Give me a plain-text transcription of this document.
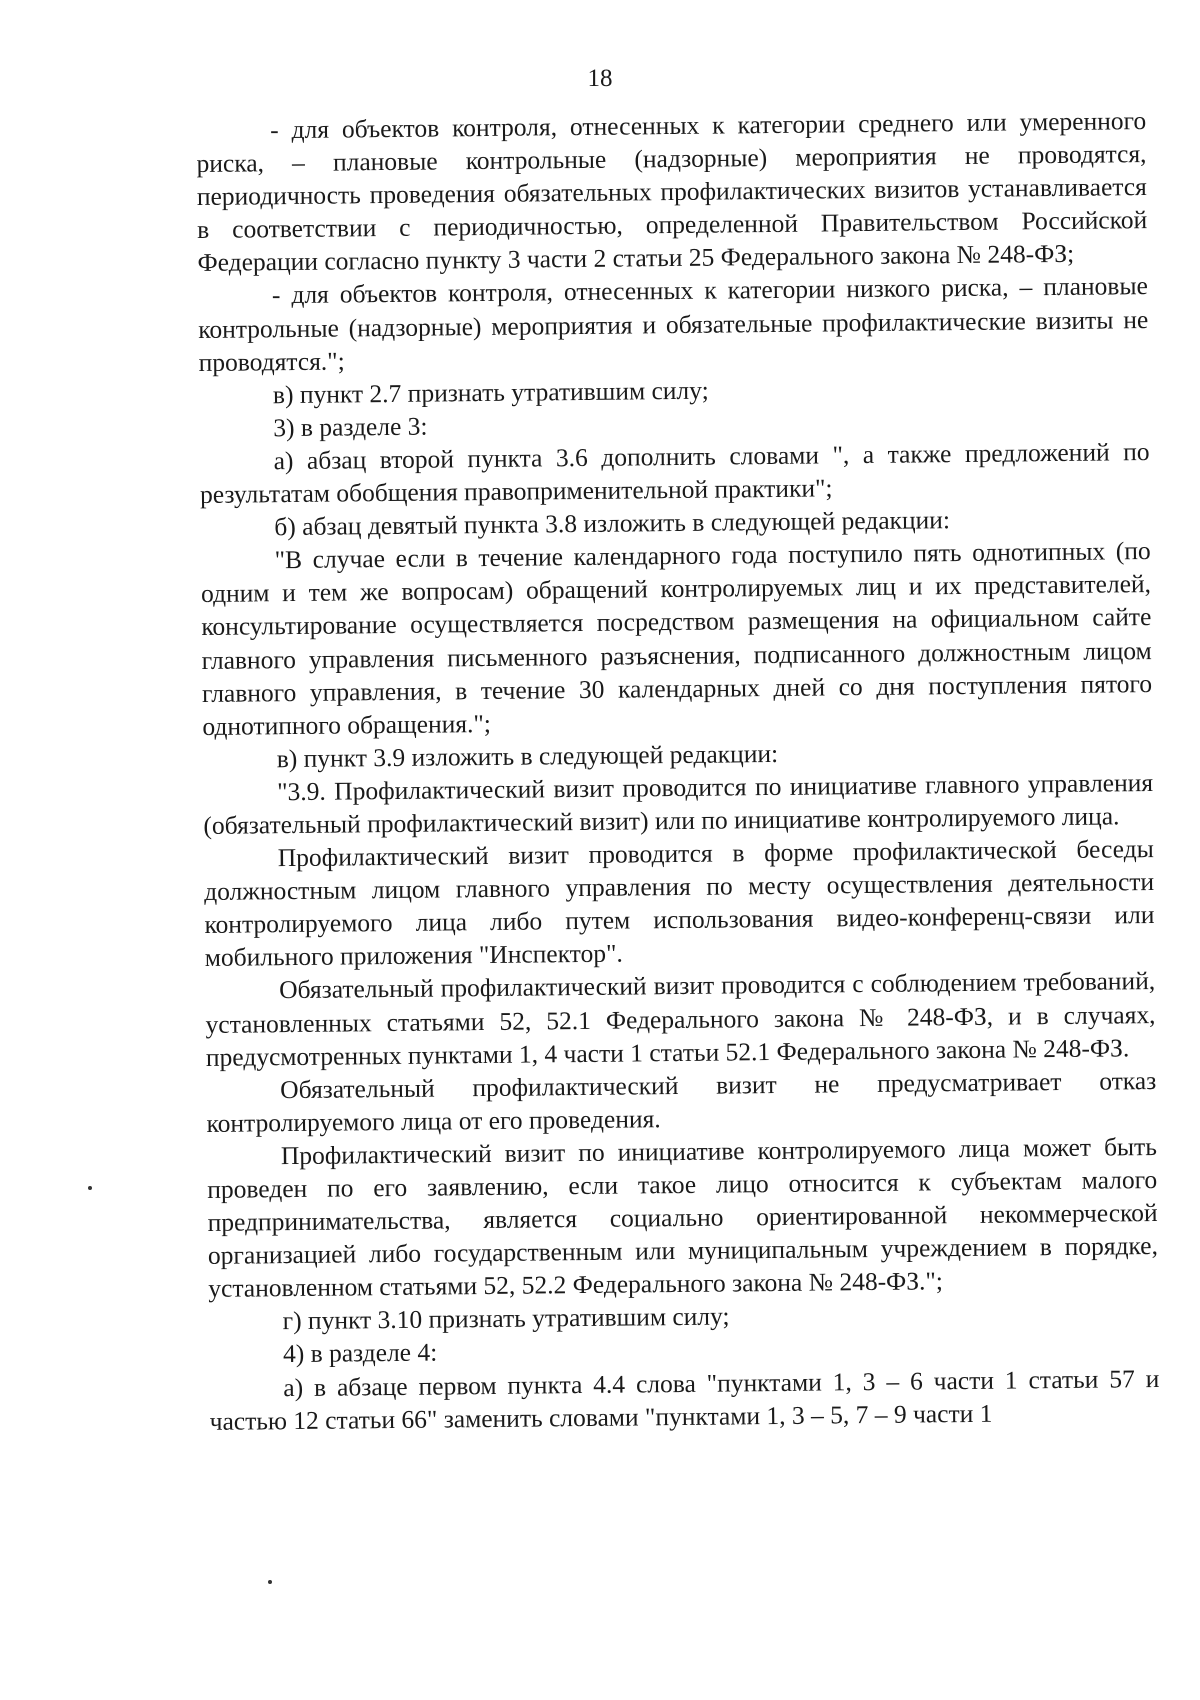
18

- для объектов контроля, отнесенных к категории среднего или умеренного риска, – плановые контрольные (надзорные) мероприятия не проводятся, периодичность проведения обязательных профилактических визитов устанавливается в соответствии с периодичностью, определенной Правительством Российской Федерации согласно пункту 3 части 2 статьи 25 Федерального закона № 248-ФЗ;

- для объектов контроля, отнесенных к категории низкого риска, – плановые контрольные (надзорные) мероприятия и обязательные профилактические визиты не проводятся.";

в) пункт 2.7 признать утратившим силу;

3) в разделе 3:

а) абзац второй пункта 3.6 дополнить словами ", а также предложений по результатам обобщения правоприменительной практики";

б) абзац девятый пункта 3.8 изложить в следующей редакции:

"В случае если в течение календарного года поступило пять однотипных (по одним и тем же вопросам) обращений контролируемых лиц и их представителей, консультирование осуществляется посредством размещения на официальном сайте главного управления письменного разъяснения, подписанного должностным лицом главного управления, в течение 30 календарных дней со дня поступления пятого однотипного обращения.";

в) пункт 3.9 изложить в следующей редакции:

"3.9. Профилактический визит проводится по инициативе главного управления (обязательный профилактический визит) или по инициативе контролируемого лица.

Профилактический визит проводится в форме профилактической беседы должностным лицом главного управления по месту осуществления деятельности контролируемого лица либо путем использования видео-конференц-связи или мобильного приложения "Инспектор".

Обязательный профилактический визит проводится с соблюдением требований, установленных статьями 52, 52.1 Федерального закона № 248-ФЗ, и в случаях, предусмотренных пунктами 1, 4 части 1 статьи 52.1 Федерального закона № 248-ФЗ.

Обязательный профилактический визит не предусматривает отказ контролируемого лица от его проведения.

Профилактический визит по инициативе контролируемого лица может быть проведен по его заявлению, если такое лицо относится к субъектам малого предпринимательства, является социально ориентированной некоммерческой организацией либо государственным или муниципальным учреждением в порядке, установленном статьями 52, 52.2 Федерального закона № 248-ФЗ.";

г) пункт 3.10 признать утратившим силу;

4) в разделе 4:

а) в абзаце первом пункта 4.4 слова "пунктами 1, 3 – 6 части 1 статьи 57 и частью 12 статьи 66" заменить словами "пунктами 1, 3 – 5, 7 – 9 части 1
